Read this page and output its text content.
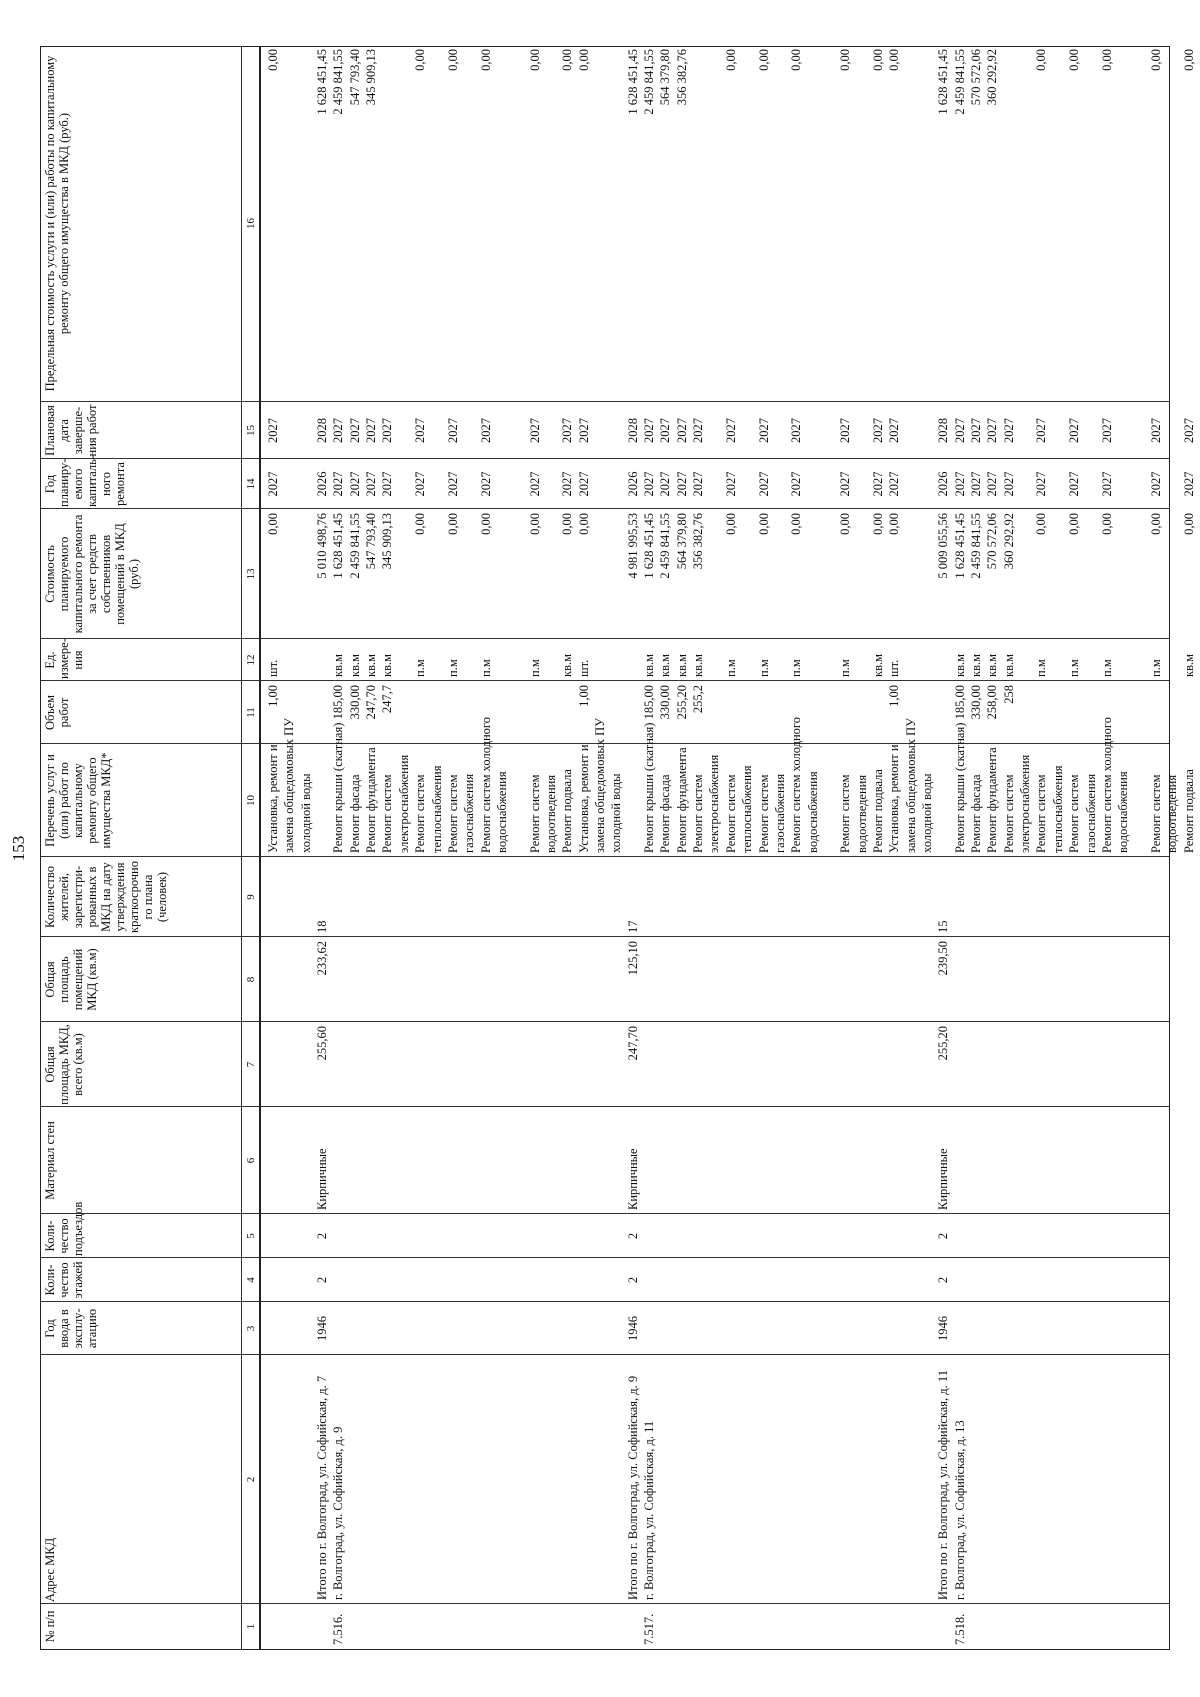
153
№ п/п
Адрес МКД
Год ввода в эксплу-атацию
Коли-чество этажей
Коли-чество подъездов
Материал стен
Общая площадь МКД, всего (кв.м)
Общая площадь помещений МКД (кв.м)
Количество жителей, зарегистри-рованных в МКД на дату утверждения краткосрочно го плана (человек)
Перечень услуг и (или) работ по капитальному ремонту общего имущества МКД*
Объем работ
Ед. измере-ния
Стоимость планируемого капитального ремонта за счет средств собственников помещений в МКД (руб.)
Год планиру-емого капиталь-ного ремонта
Плановая дата заверше-ния работ
Предельная стоимость услуги и (или) работы по капитальному ремонту общего имущества в МКД (руб.)
1
2
3
4
5
6
7
8
9
10
11
12
13
14
15
16
Установка, ремонт и
1,00
шт.
0,00
2027
2027
0,00
замена общедомовых ПУ холодной воды
Итого по г. Волгоград, ул. Софийская, д. 7
1946
2
2
Кирпичные
255,60
233,62
18
5 010 498,76
2026
2028
1 628 451,45
7.516.
г. Волгоград, ул. Софийская, д. 9
Ремонт крыши (скатная)
185,00
кв.м
1 628 451,45
2027
2027
2 459 841,55
Ремонт фасада
330,00
кв.м
2 459 841,55
2027
2027
547 793,40
Ремонт фундамента
247,70
кв.м
547 793,40
2027
2027
345 909,13
Ремонт систем
247,7
кв.м
345 909,13
2027
2027
электроснабжения Ремонт систем
п.м
0,00
2027
2027
0,00
теплоснабжения Ремонт систем
п.м
0,00
2027
2027
0,00
газоснабжения Ремонт систем холодного
п.м
0,00
2027
2027
0,00
водоснабжения Ремонт систем
п.м
0,00
2027
2027
0,00
водоотведения Ремонт подвала
кв.м
0,00
2027
2027
0,00
Установка, ремонт и
1,00
шт.
0,00
2027
2027
0,00
замена общедомовых ПУ холодной воды
Итого по г. Волгоград, ул. Софийская, д. 9
1946
2
2
Кирпичные
247,70
125,10
17
4 981 995,53
2026
2028
1 628 451,45
7.517.
г. Волгоград, ул. Софийская, д. 11
Ремонт крыши (скатная)
185,00
кв.м
1 628 451,45
2027
2027
2 459 841,55
Ремонт фасада
330,00
кв.м
2 459 841,55
2027
2027
564 379,80
Ремонт фундамента
255,20
кв.м
564 379,80
2027
2027
356 382,76
Ремонт систем
255,2
кв.м
356 382,76
2027
2027
электроснабжения Ремонт систем
п.м
0,00
2027
2027
0,00
теплоснабжения Ремонт систем
п.м
0,00
2027
2027
0,00
газоснабжения Ремонт систем холодного
п.м
0,00
2027
2027
0,00
водоснабжения Ремонт систем
п.м
0,00
2027
2027
0,00
водоотведения Ремонт подвала
кв.м
0,00
2027
2027
0,00
Установка, ремонт и
1,00
шт.
0,00
2027
2027
0,00
замена общедомовых ПУ холодной воды
Итого по г. Волгоград, ул. Софийская, д. 11
1946
2
2
Кирпичные
255,20
239,50
15
5 009 055,56
2026
2028
1 628 451,45
7.518.
г. Волгоград, ул. Софийская, д. 13
Ремонт крыши (скатная)
185,00
кв.м
1 628 451,45
2027
2027
2 459 841,55
Ремонт фасада
330,00
кв.м
2 459 841,55
2027
2027
570 572,06
Ремонт фундамента
258,00
кв.м
570 572,06
2027
2027
360 292,92
Ремонт систем
258
кв.м
360 292,92
2027
2027
электроснабжения Ремонт систем
п.м
0,00
2027
2027
0,00
теплоснабжения Ремонт систем
п.м
0,00
2027
2027
0,00
газоснабжения Ремонт систем холодного
п.м
0,00
2027
2027
0,00
водоснабжения Ремонт систем
п.м
0,00
2027
2027
0,00
водоотведения Ремонт подвала
кв.м
0,00
2027
2027
0,00
